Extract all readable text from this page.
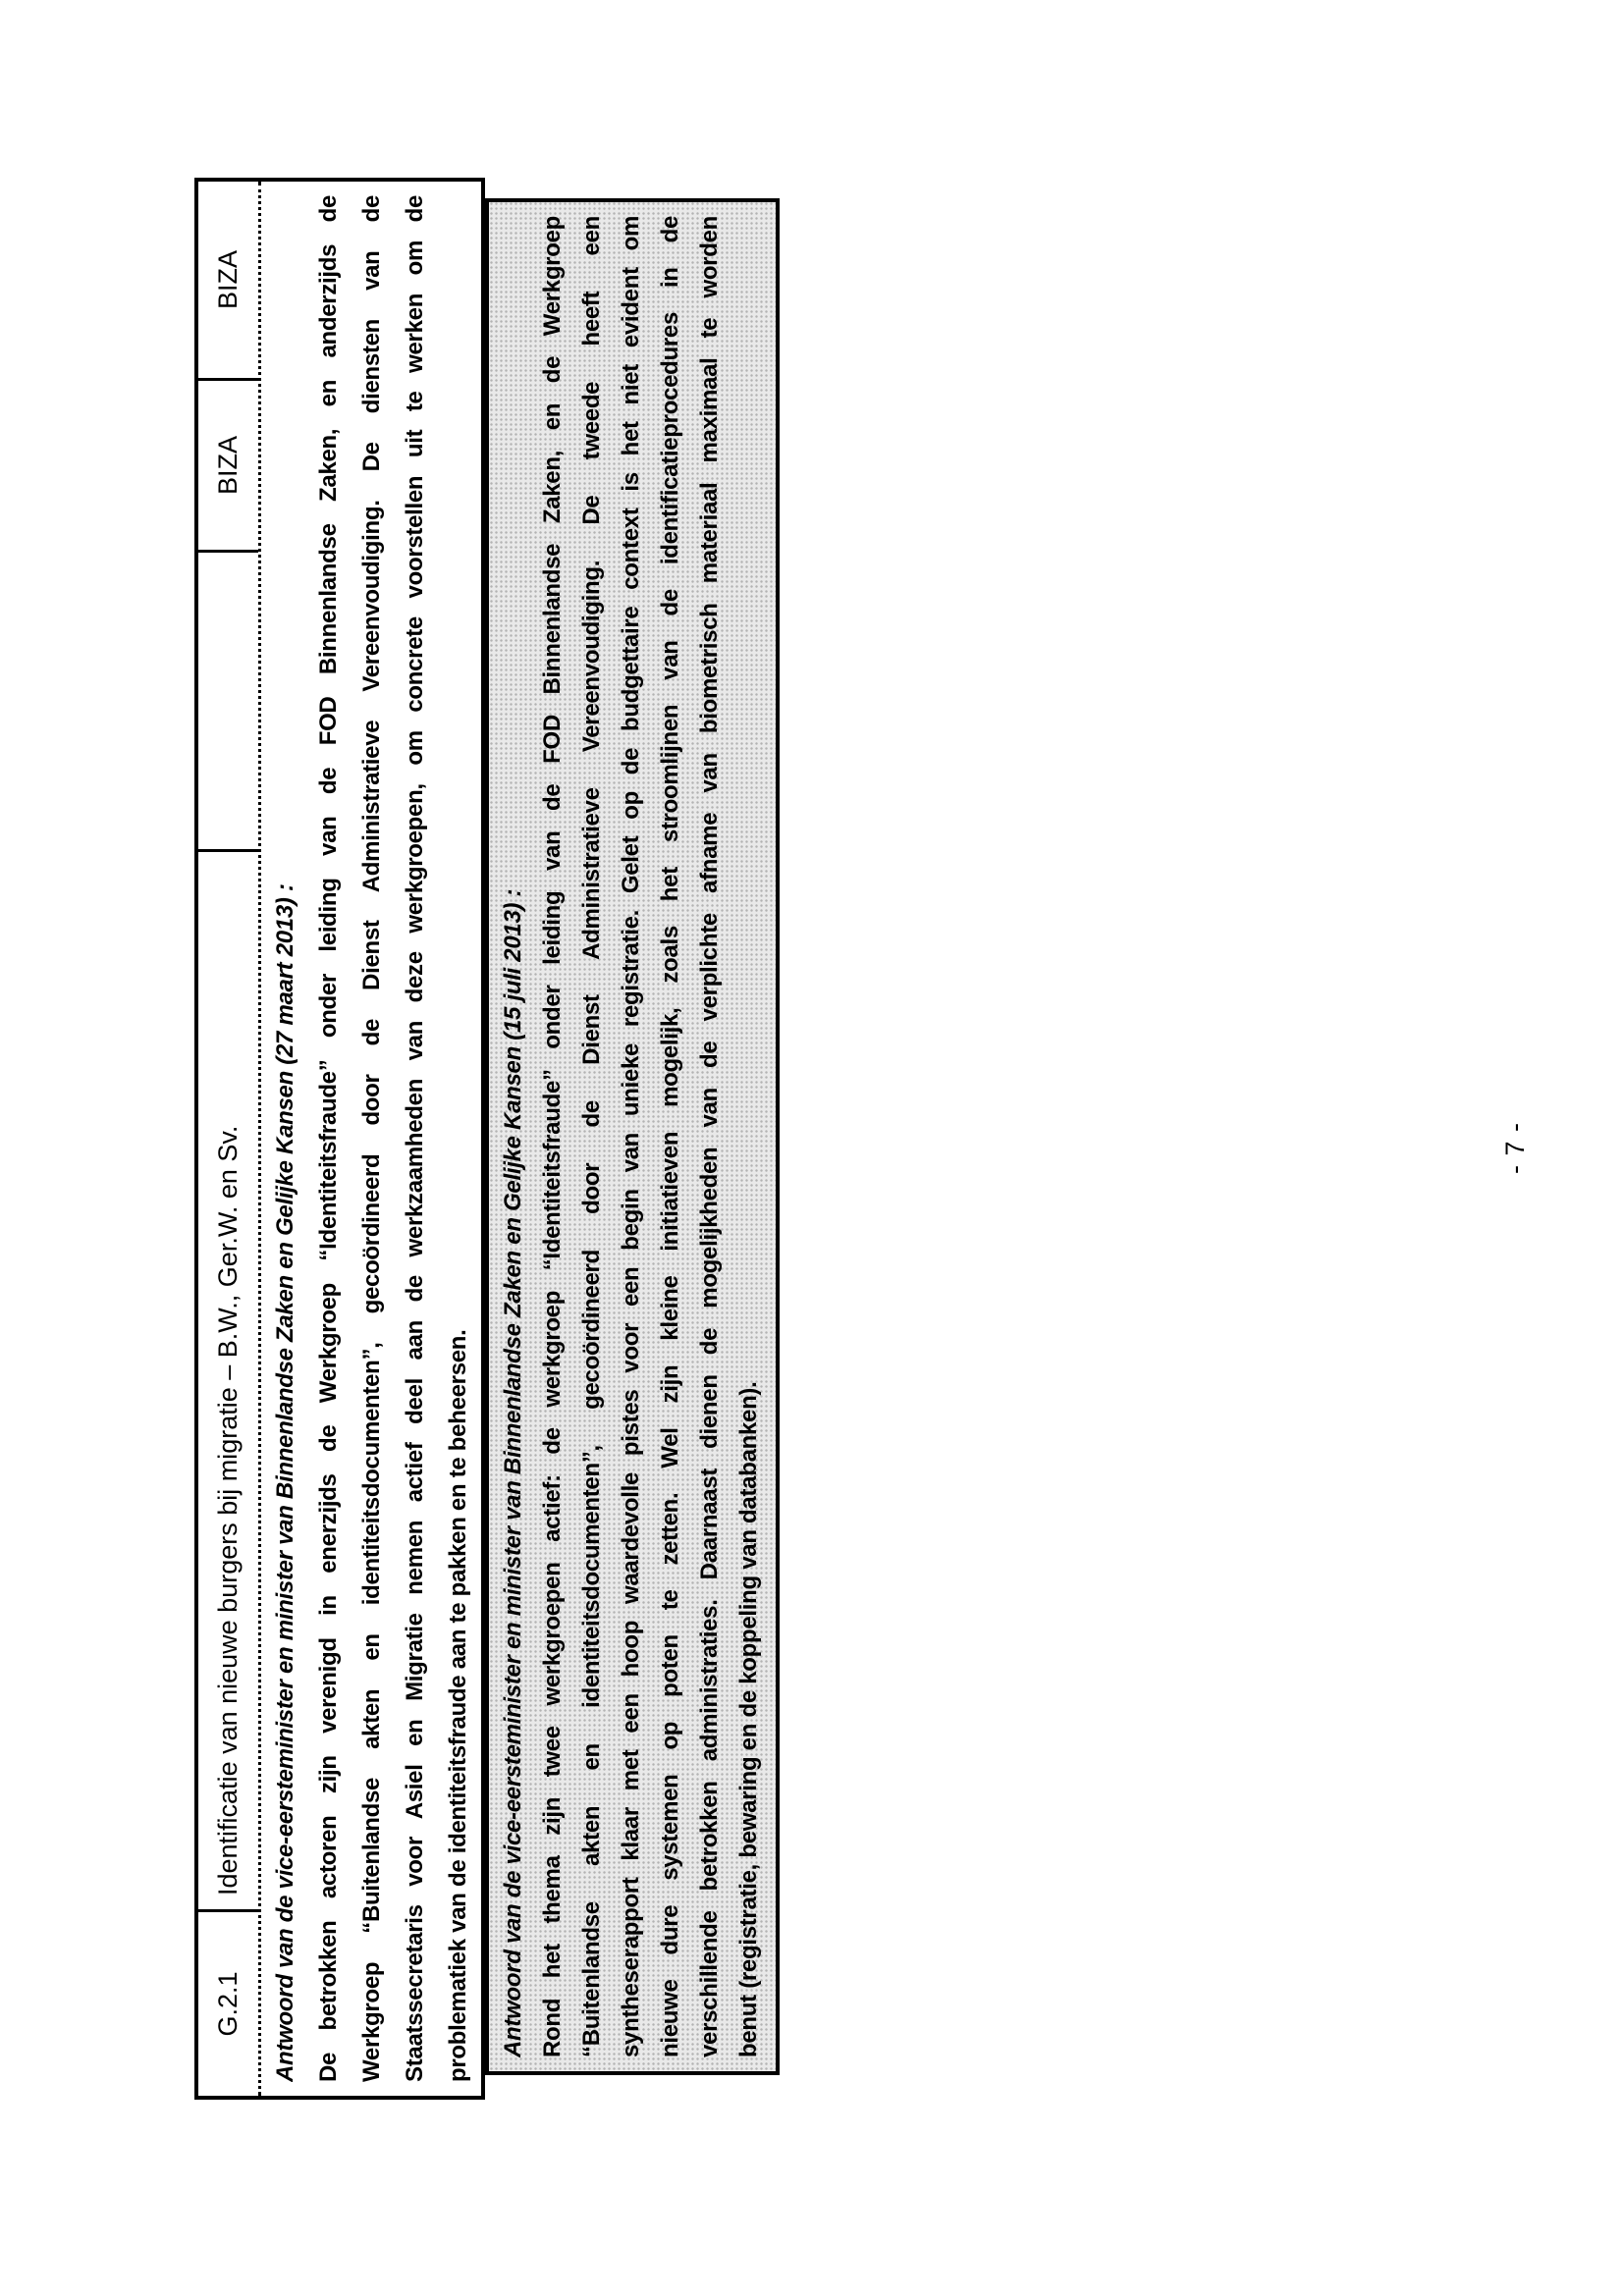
G.2.1
Identificatie van nieuwe burgers bij migratie – B.W., Ger.W. en Sv.
BIZA
BIZA
Antwoord van de vice-eersteminister en minister van Binnenlandse Zaken en Gelijke Kansen (27 maart 2013) : De betrokken actoren zijn verenigd in enerzijds de Werkgroep “Identiteitsfraude” onder leiding van de FOD Binnenlandse Zaken, en anderzijds de Werkgroep “Buitenlandse akten en identiteitsdocumenten”, gecoördineerd door de Dienst Administratieve Vereenvoudiging. De diensten van de Staatssecretaris voor Asiel en Migratie nemen actief deel aan de werkzaamheden van deze werkgroepen, om concrete voorstellen uit te werken om de problematiek van de identiteitsfraude aan te pakken en te beheersen.	Antwoord van de vice-eersteminister en minister van Binnenlandse Zaken en Gelijke Kansen (15 juli 2013) : Rond het thema zijn twee werkgroepen actief: de werkgroep “Identiteitsfraude” onder leiding van de FOD Binnenlandse Zaken, en de Werkgroep “Buitenlandse akten en identiteitsdocumenten”, gecoördineerd door de Dienst Administratieve Vereenvoudiging. De tweede heeft een syntheserapport klaar met een hoop waardevolle pistes voor een begin van unieke registratie. Gelet op de budgettaire context is het niet evident om nieuwe dure systemen op poten te zetten. Wel zijn kleine initiatieven mogelijk, zoals het stroomlijnen van de identificatieprocedures in de verschillende betrokken administraties. Daarnaast dienen de mogelijkheden van de verplichte afname van biometrisch materiaal maximaal te worden benut (registratie, bewaring en de koppeling van databanken).
- 7 -
